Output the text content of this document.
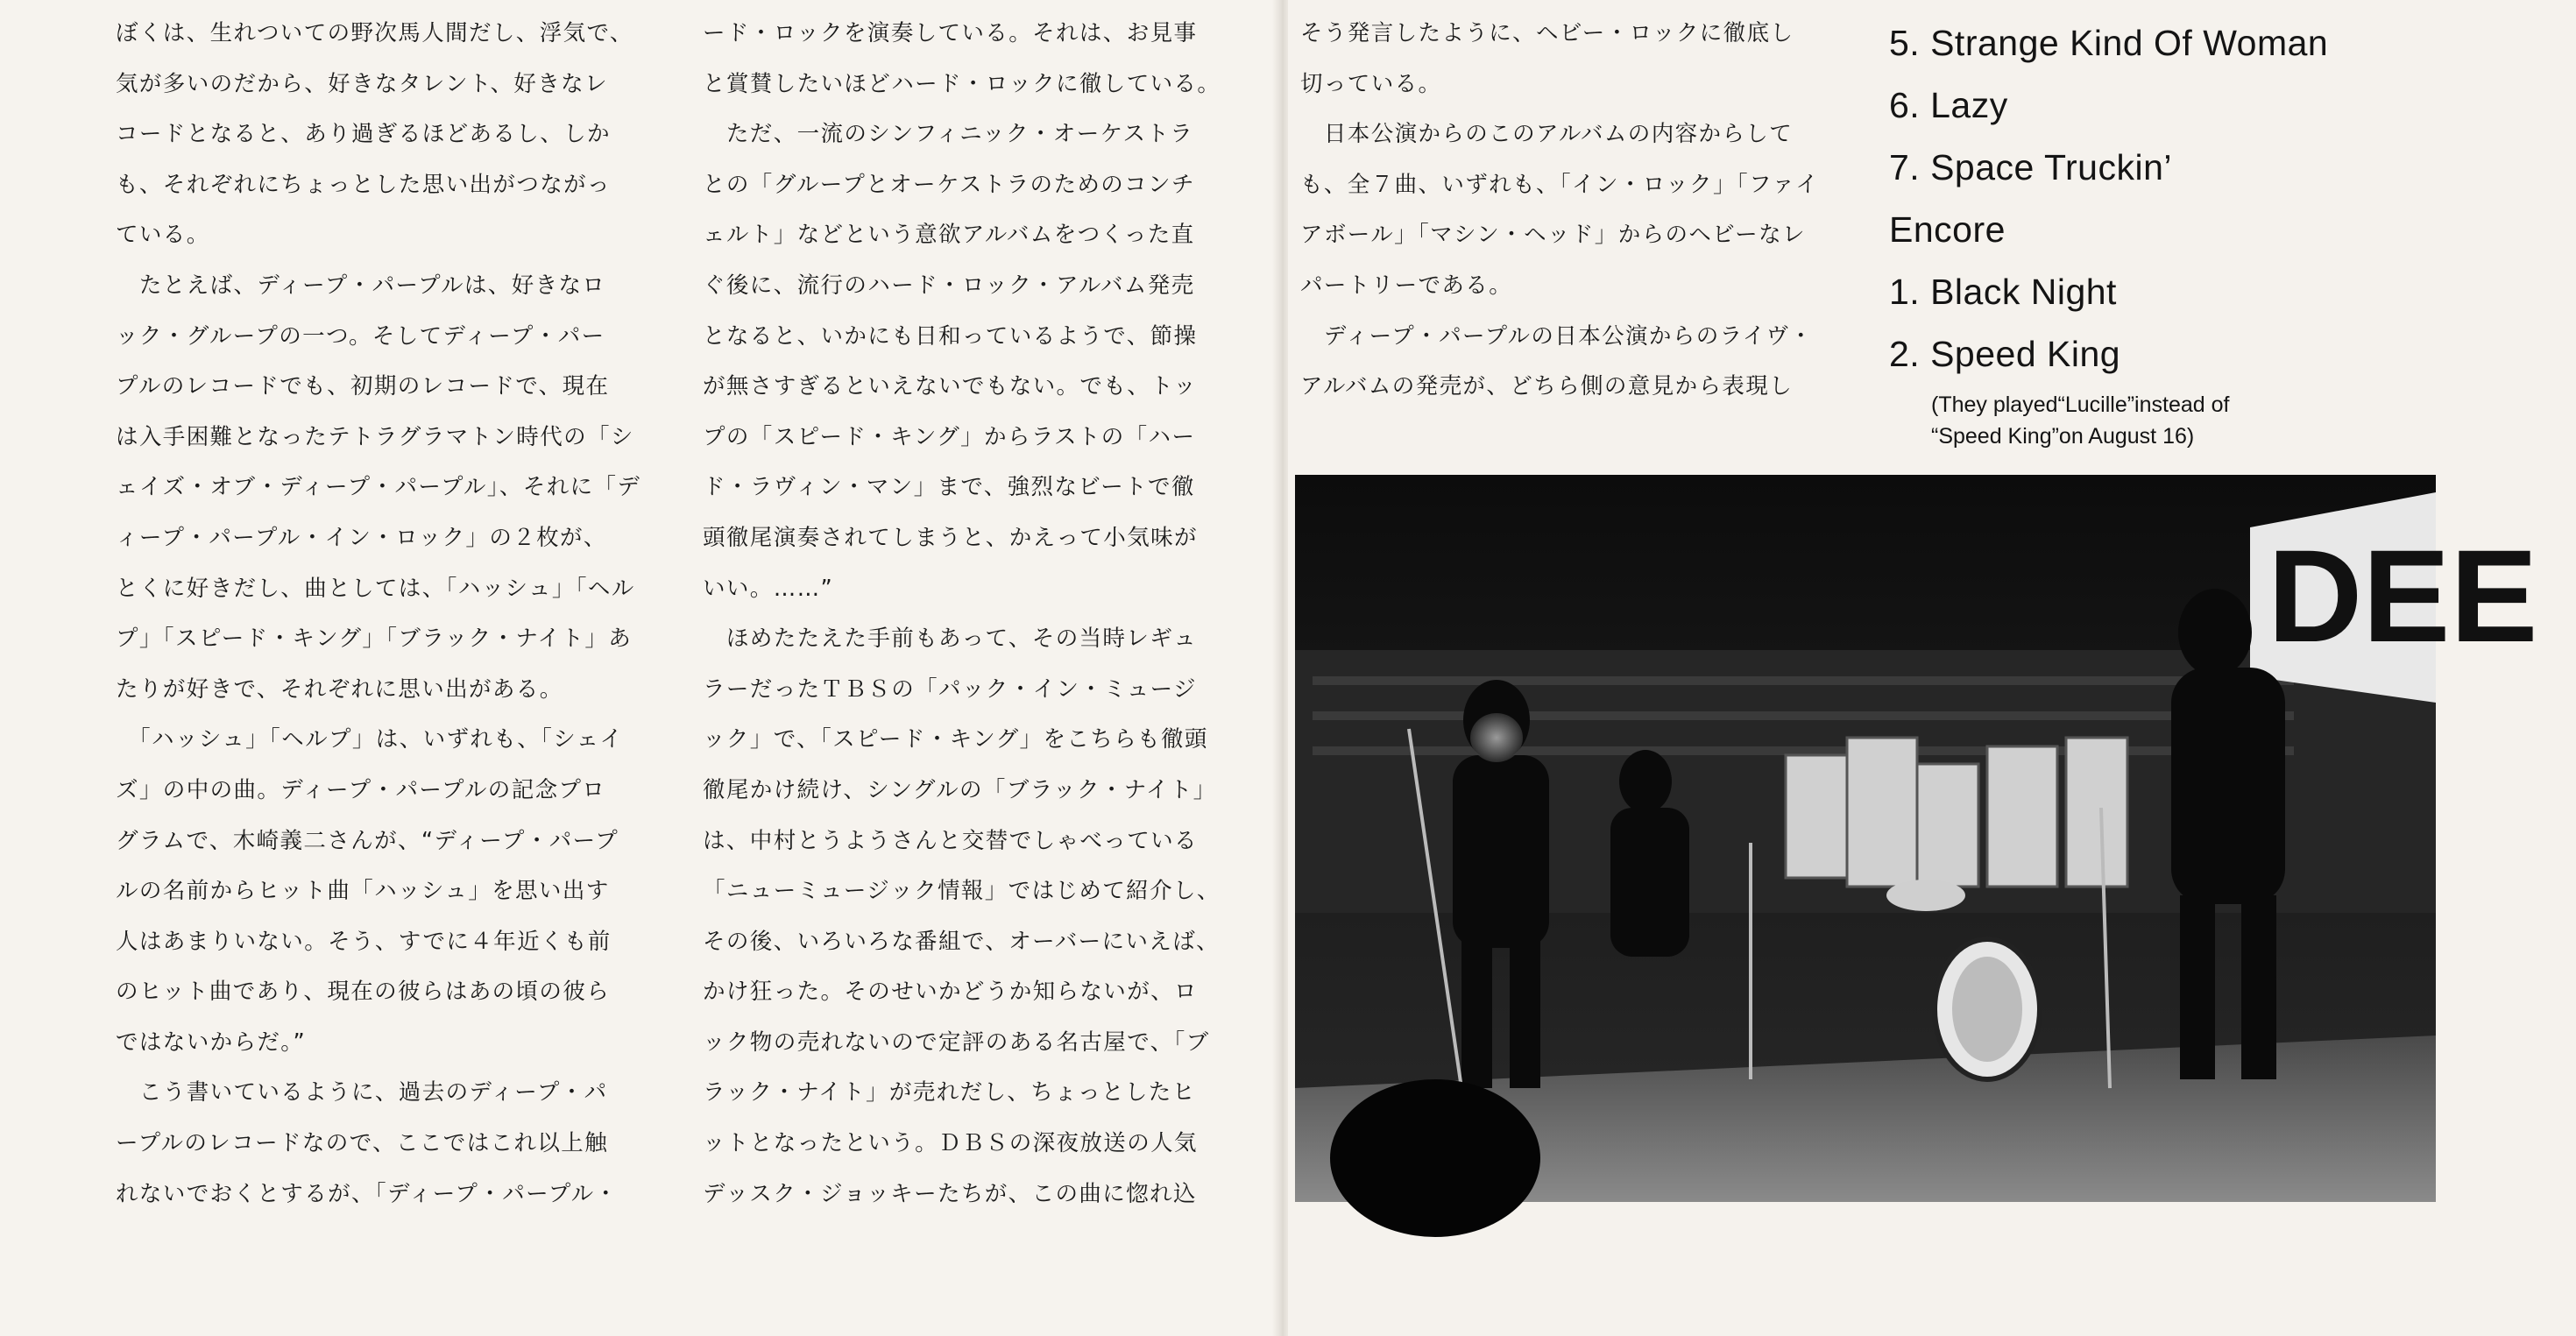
ぼくは、生れついての野次馬人間だし、浮気で、
気が多いのだから、好きなタレント、好きなレ
コードとなると、あり過ぎるほどあるし、しか
も、それぞれにちょっとした思い出がつながっ
ている。
　たとえば、ディープ・パープルは、好きなロ
ック・グループの一つ。そしてディープ・パー
プルのレコードでも、初期のレコードで、現在
は入手困難となったテトラグラマトン時代の「シ
ェイズ・オブ・ディープ・パープル」、それに「デ
ィープ・パープル・イン・ロック」の２枚が、
とくに好きだし、曲としては、「ハッシュ」「ヘル
プ」「スピード・キング」「ブラック・ナイト」あ
たりが好きで、それぞれに思い出がある。
　「ハッシュ」「ヘルプ」は、いずれも、「シェイ
ズ」の中の曲。ディープ・パープルの記念プロ
グラムで、木崎義二さんが、“ディープ・パープ
ルの名前からヒット曲「ハッシュ」を思い出す
人はあまりいない。そう、すでに４年近くも前
のヒット曲であり、現在の彼らはあの頃の彼ら
ではないからだ。”
　こう書いているように、過去のディープ・パ
ープルのレコードなので、ここではこれ以上触
れないでおくとするが、「ディープ・パープル・
ード・ロックを演奏している。それは、お見事
と賞賛したいほどハード・ロックに徹している。
　ただ、一流のシンフィニック・オーケストラ
との「グループとオーケストラのためのコンチ
ェルト」などという意欲アルバムをつくった直
ぐ後に、流行のハード・ロック・アルバム発売
となると、いかにも日和っているようで、節操
が無さすぎるといえないでもない。でも、トッ
プの「スピード・キング」からラストの「ハー
ド・ラヴィン・マン」まで、強烈なビートで徹
頭徹尾演奏されてしまうと、かえって小気味が
いい。……”
　ほめたたえた手前もあって、その当時レギュ
ラーだったＴＢＳの「パック・イン・ミュージ
ック」で、「スピード・キング」をこちらも徹頭
徹尾かけ続け、シングルの「ブラック・ナイト」
は、中村とうようさんと交替でしゃべっている
「ニューミュージック情報」ではじめて紹介し、
その後、いろいろな番組で、オーバーにいえば、
かけ狂った。そのせいかどうか知らないが、ロ
ック物の売れないので定評のある名古屋で、「ブ
ラック・ナイト」が売れだし、ちょっとしたヒ
ットとなったという。ＤＢＳの深夜放送の人気
デッスク・ジョッキーたちが、この曲に惚れ込
そう発言したように、ヘビー・ロックに徹底し
切っている。
　日本公演からのこのアルバムの内容からして
も、全７曲、いずれも、「イン・ロック」「ファイ
アボール」「マシン・ヘッド」からのヘビーなレ
パートリーである。
　ディープ・パープルの日本公演からのライヴ・
アルバムの発売が、どちら側の意見から表現し
5. Strange Kind Of Woman
6. Lazy
7. Space Truckin’
Encore
1. Black Night
2. Speed King
(They played“Lucille”instead of
“Speed King”on August 16)
DEE
